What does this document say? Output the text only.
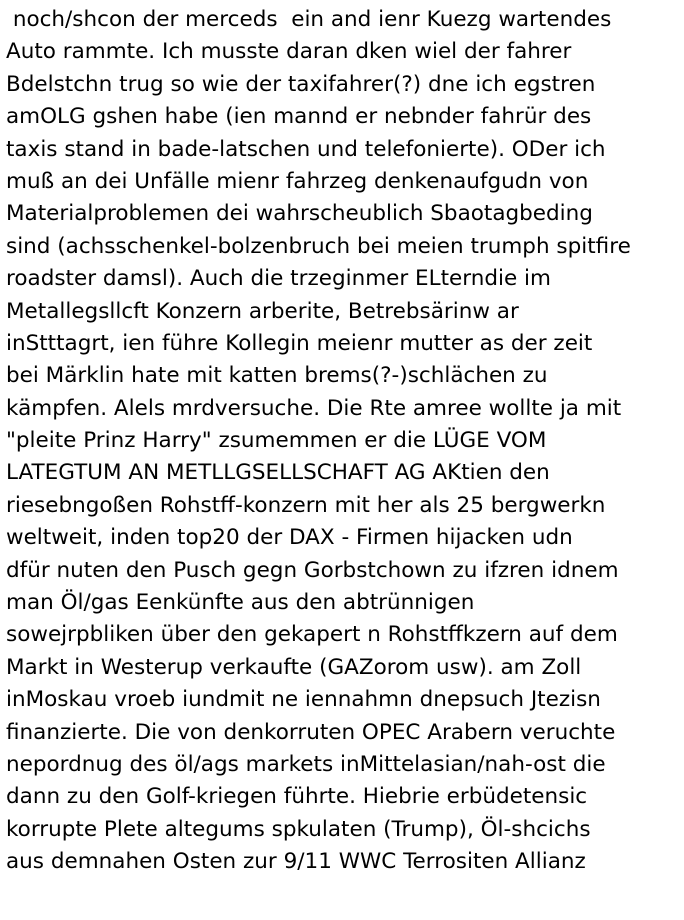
noch/shcon der merceds  ein and ienr Kuezg wartendes
Auto rammte. Ich musste daran dken wiel der fahrer
Bdelstchn trug so wie der taxifahrer(?) dne ich egstren
amOLG gshen habe (ien mannd er nebnder fahrür des
taxis stand in bade-latschen und telefonierte). ODer ich
muß an dei Unfälle mienr fahrzeg denkenaufgudn von
Materialproblemen dei wahrscheublich Sbaotagbeding
sind (achsschenkel-bolzenbruch bei meien trumph spitfire
roadster damsl). Auch die trzeginmer ELterndie im
Metallegsllcft Konzern arberite, Betrebsärinw ar
inStttagrt, ien führe Kollegin meienr mutter as der zeit
bei Märklin hate mit katten brems(?-)schlächen zu
kämpfen. Alels mrdversuche. Die Rte amree wollte ja mit
"pleite Prinz Harry" zsumemmen er die LÜGE VOM
LATEGTUM AN METLLGSELLSCHAFT AG AKtien den
riesebngoßen Rohstff-konzern mit her als 25 bergwerkn
weltweit, inden top20 der DAX - Firmen hijacken udn
dfür nuten den Pusch gegn Gorbstchown zu ifzren idnem
man Öl/gas Eenkünfte aus den abtrünnigen
sowejrpbliken über den gekapert n Rohstffkzern auf dem
Markt in Westerup verkaufte (GAZorom usw). am Zoll
inMoskau vroeb iundmit ne iennahmn dnepsuch Jtezisn
finanzierte. Die von denkorruten OPEC Arabern veruchte
nepordnug des öl/ags markets inMittelasian/nah-ost die
dann zu den Golf-kriegen führte. Hiebrie erbüdetensic
korrupte Plete altegums spkulaten (Trump), Öl-shcichs
aus demnahen Osten zur 9/11 WWC Terrositen Allianz
